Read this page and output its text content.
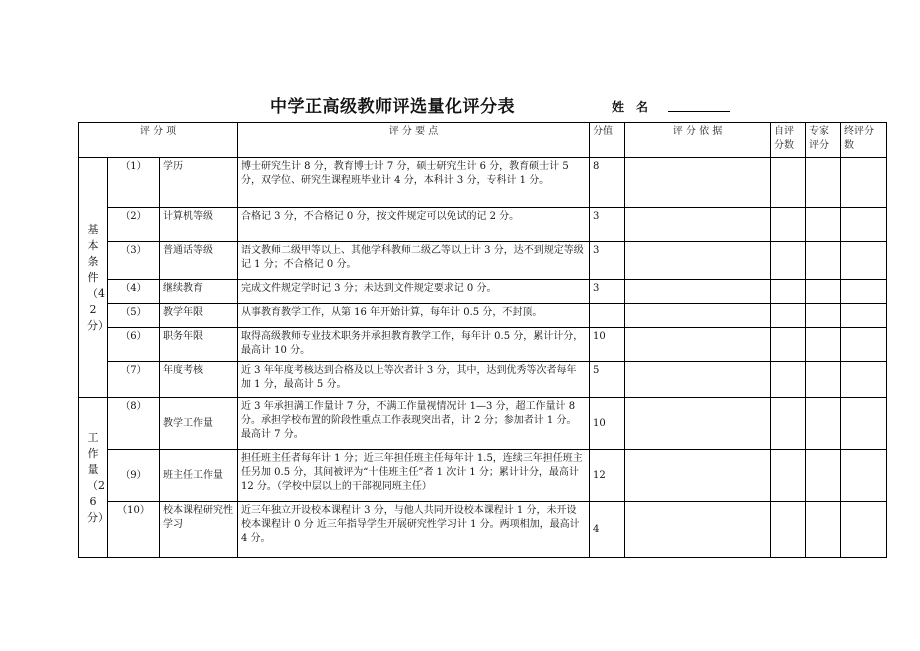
中学正高级教师评选量化评分表	姓　名
评 分 项			评 分 要 点	分值	评 分 依 据	自评分数	专家评分	终评分数

基本条件（42分）	（1）	学历	博士研究生计 8 分，教育博士计 7 分，硕士研究生计 6 分，教育硕士计 5 分，双学位、研究生课程班毕业计 4 分，本科计 3 分，专科计 1 分。	8				
	（2）	计算机等级	合格记 3 分，不合格记 0 分，按文件规定可以免试的记 2 分。	3				
	（3）	普通话等级	语文教师二级甲等以上、其他学科教师二级乙等以上计 3 分，达不到规定等级记 1 分；不合格记 0 分。	3				
	（4）	继续教育	完成文件规定学时记 3 分；未达到文件规定要求记 0 分。	3				
	（5）	教学年限	从事教育教学工作，从第 16 年开始计算，每年计 0.5 分，不封顶。					
	（6）	职务年限	取得高级教师专业技术职务并承担教育教学工作，每年计 0.5 分，累计计分，最高计 10 分。	10				
	（7）	年度考核	近 3 年年度考核达到合格及以上等次者计 3 分，其中，达到优秀等次者每年加 1 分，最高计 5 分。	5				

工作量（26分）	（8）	教学工作量	近 3 年承担满工作量计 7 分，不满工作量视情况计 1—3 分，超工作量计 8 分。承担学校布置的阶段性重点工作表现突出者，计 2 分；参加者计 1 分。最高计 7 分。	10				
	（9）	班主任工作量	担任班主任者每年计 1 分；近三年担任班主任每年计 1.5，连续三年担任班主任另加 0.5 分，其间被评为“十佳班主任”者 1 次计 1 分；累计计分，最高计 12 分。（学校中层以上的干部视同班主任）	12				
	（10）	校本课程研究性学习	近三年独立开设校本课程计 3 分，与他人共同开设校本课程计 1 分，未开设校本课程计 0 分 近三年指导学生开展研究性学习计 1 分。两项相加，最高计 4 分。	4				
